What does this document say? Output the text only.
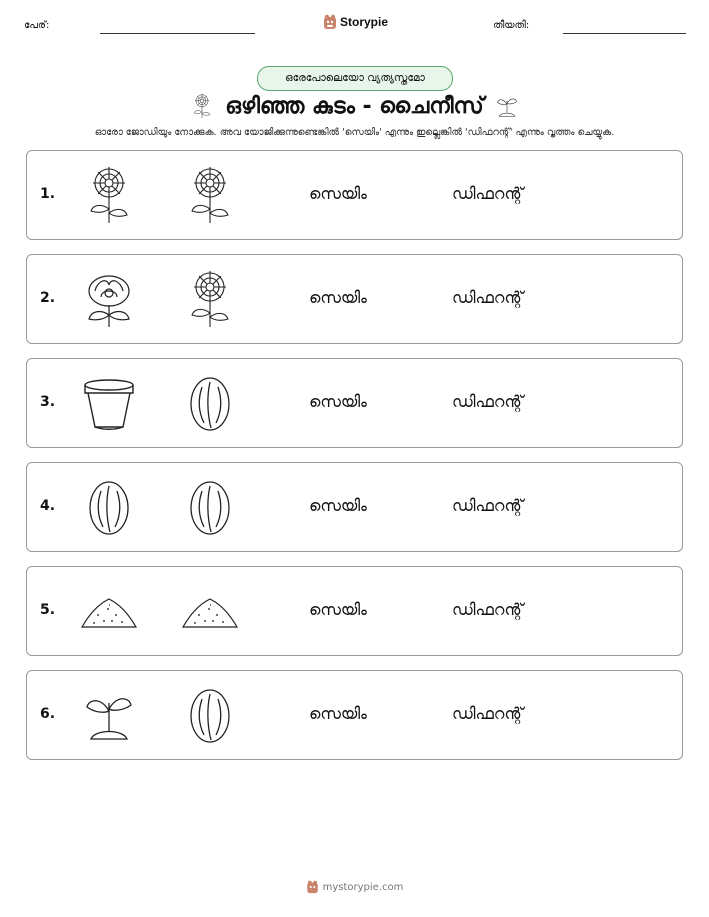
പേര്:	Storypie	തീയതി:
ഒരേപോലെയോ വ്യത്യസ്തമോ
ഒഴിഞ്ഞ കുടം - ചൈനീസ്
ഓരോ ജോഡിയും നോക്കുക. അവ യോജിക്കുന്നുണ്ടെങ്കിൽ 'സെയിം' എന്നും ഇല്ലെങ്കിൽ 'ഡിഫറന്റ്' എന്നും വൃത്തം ചെയ്യുക.
1.	സെയിം	ഡിഫറന്റ്
2.	സെയിം	ഡിഫറന്റ്
3.	സെയിം	ഡിഫറന്റ്
4.	സെയിം	ഡിഫറന്റ്
5.	സെയിം	ഡിഫറന്റ്
6.	സെയിം	ഡിഫറന്റ്
mystorypie.com
